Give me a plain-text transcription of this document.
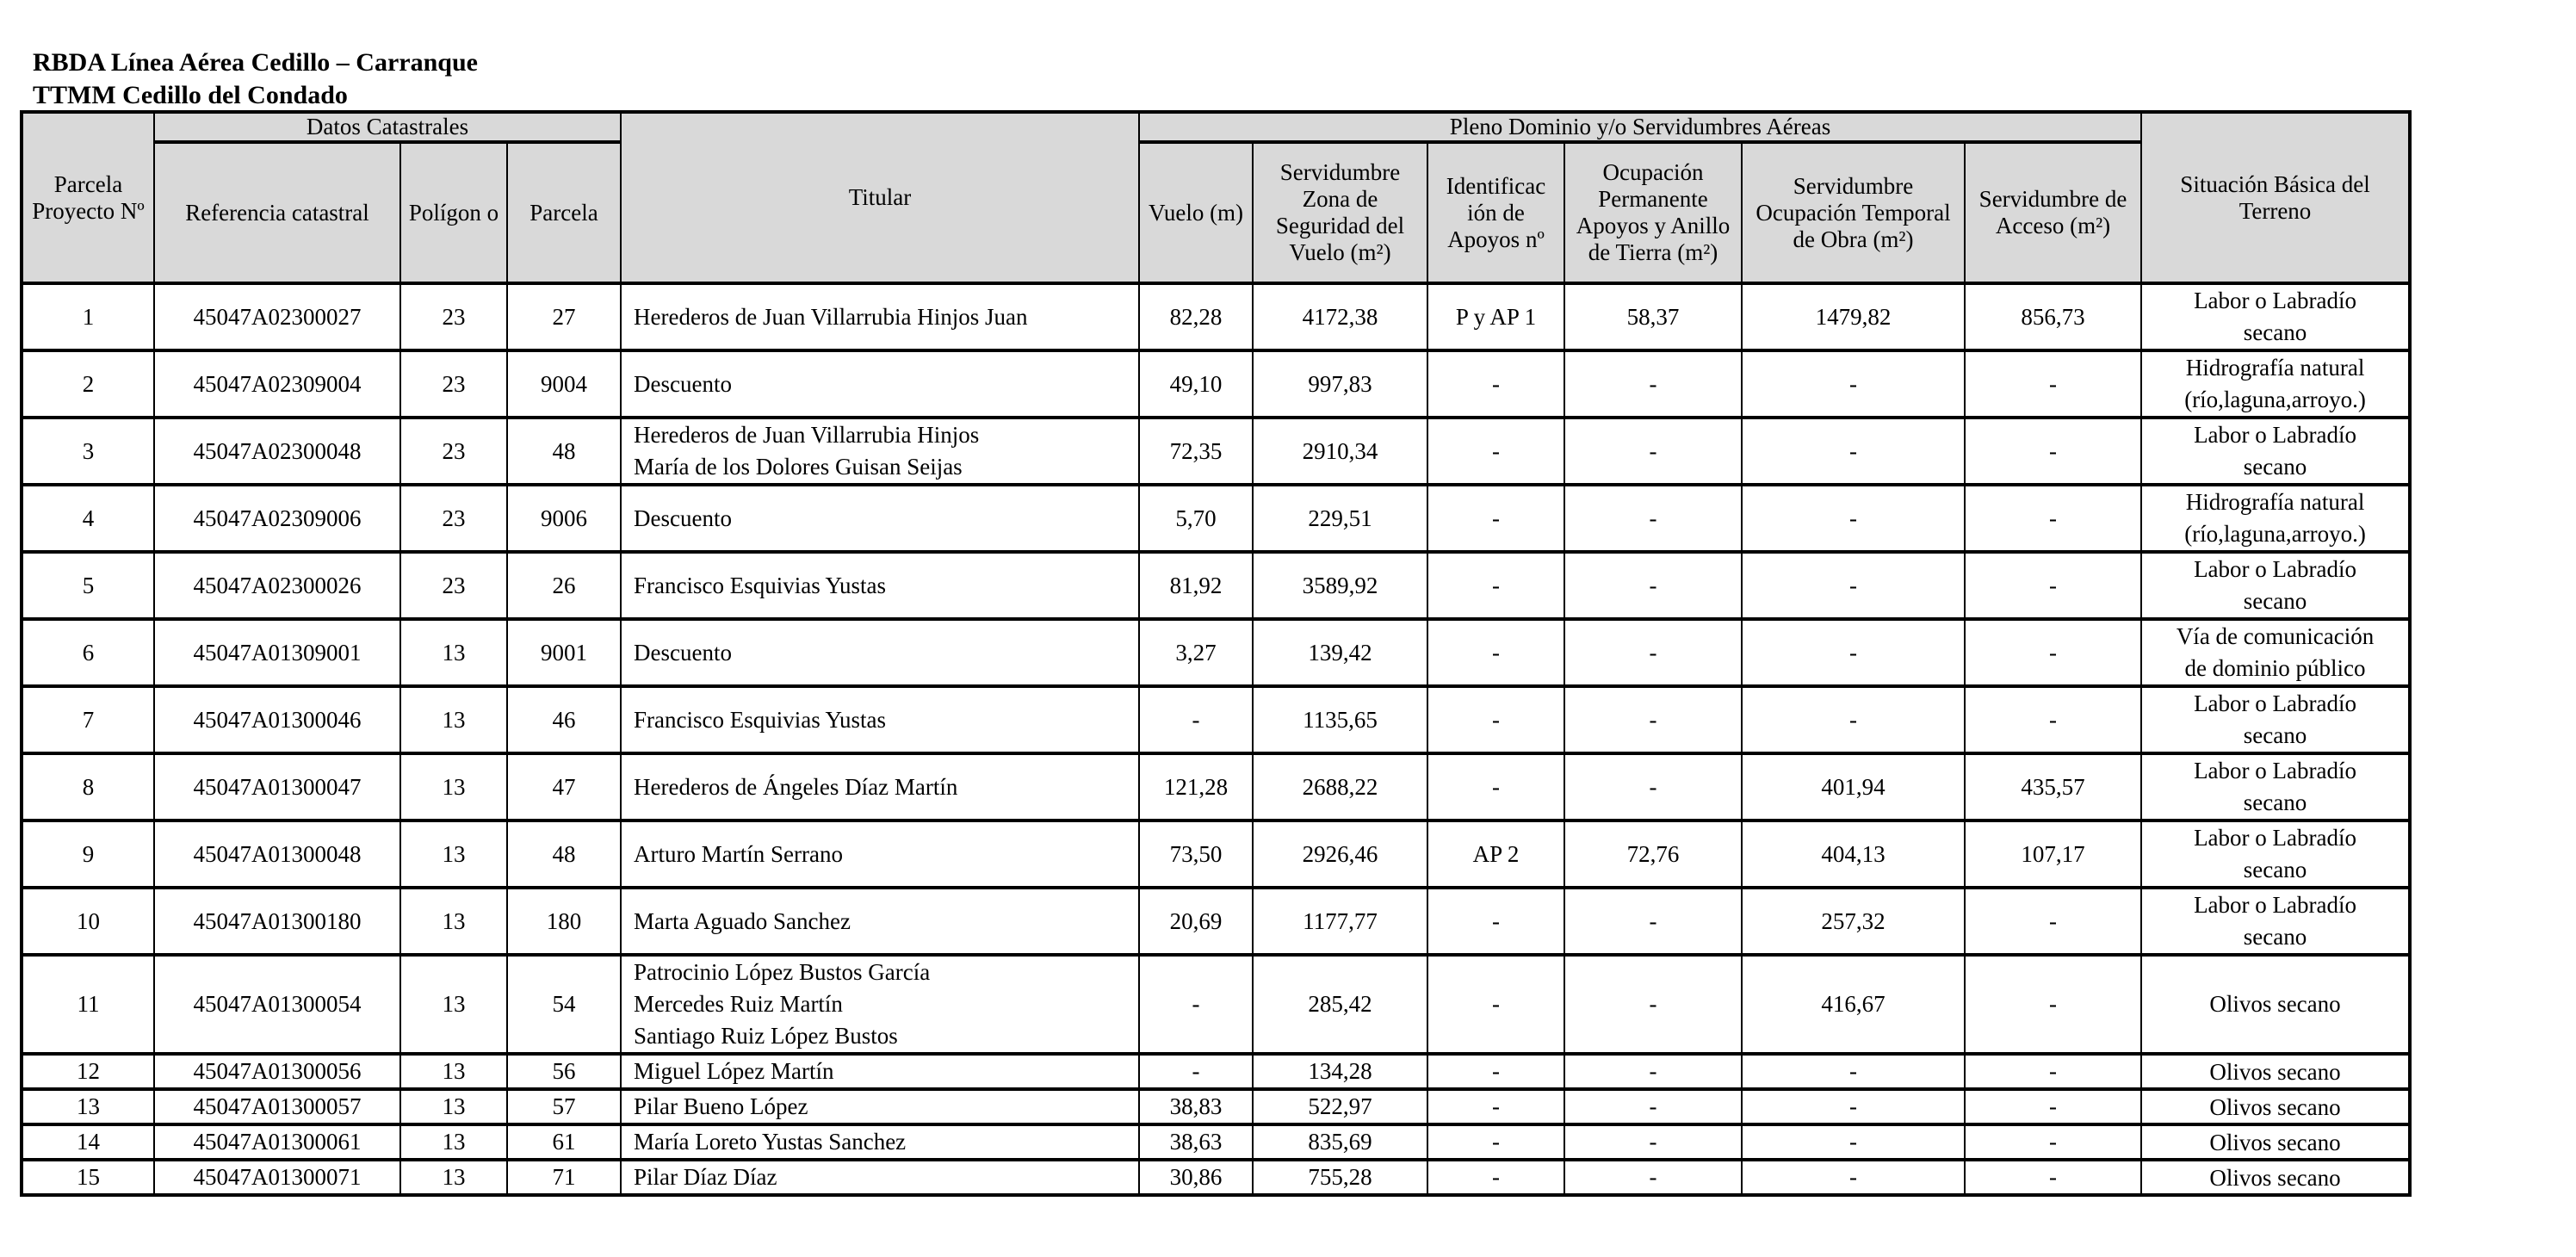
RBDA Línea Aérea Cedillo – Carranque
TTMM Cedillo del Condado
Parcela Proyecto Nº	Datos Catastrales			Titular	Pleno Dominio y/o Servidumbres Aéreas						Situación Básica del Terreno
	Referencia catastral	Polígon o	Parcela		Vuelo (m)	Servidumbre Zona de Seguridad del Vuelo (m²)	Identificac ión de Apoyos nº	Ocupación Permanente Apoyos y Anillo de Tierra (m²)	Servidumbre Ocupación Temporal de Obra (m²)	Servidumbre de Acceso (m²)	
1	45047A02300027	23	27	Herederos de Juan Villarrubia Hinjos Juan	82,28	4172,38	P y AP 1	58,37	1479,82	856,73	Labor o Labradío
secano

2	45047A02309004	23	9004	Descuento	49,10	997,83	-	-	-	-	Hidrografía natural
(río,laguna,arroyo.)

3	45047A02300048	23	48	Herederos de Juan Villarrubia Hinjos
María de los Dolores Guisan Seijas	72,35	2910,34	-	-	-	-	Labor o Labradío
secano

4	45047A02309006	23	9006	Descuento	5,70	229,51	-	-	-	-	Hidrografía natural
(río,laguna,arroyo.)

5	45047A02300026	23	26	Francisco Esquivias Yustas	81,92	3589,92	-	-	-	-	Labor o Labradío
secano

6	45047A01309001	13	9001	Descuento	3,27	139,42	-	-	-	-	Vía de comunicación
de dominio público

7	45047A01300046	13	46	Francisco Esquivias Yustas	-	1135,65	-	-	-	-	Labor o Labradío
secano

8	45047A01300047	13	47	Herederos de Ángeles Díaz Martín	121,28	2688,22	-	-	401,94	435,57	Labor o Labradío
secano

9	45047A01300048	13	48	Arturo Martín Serrano	73,50	2926,46	AP 2	72,76	404,13	107,17	Labor o Labradío
secano

10	45047A01300180	13	180	Marta Aguado Sanchez	20,69	1177,77	-	-	257,32	-	Labor o Labradío
secano

11	45047A01300054	13	54	Patrocinio López Bustos García
Mercedes Ruiz Martín
Santiago Ruiz López Bustos	-	285,42	-	-	416,67	-	Olivos secano

12	45047A01300056	13	56	Miguel López Martín	-	134,28	-	-	-	-	Olivos secano

13	45047A01300057	13	57	Pilar Bueno López	38,83	522,97	-	-	-	-	Olivos secano

14	45047A01300061	13	61	María Loreto Yustas Sanchez	38,63	835,69	-	-	-	-	Olivos secano

15	45047A01300071	13	71	Pilar Díaz Díaz	30,86	755,28	-	-	-	-	Olivos secano
